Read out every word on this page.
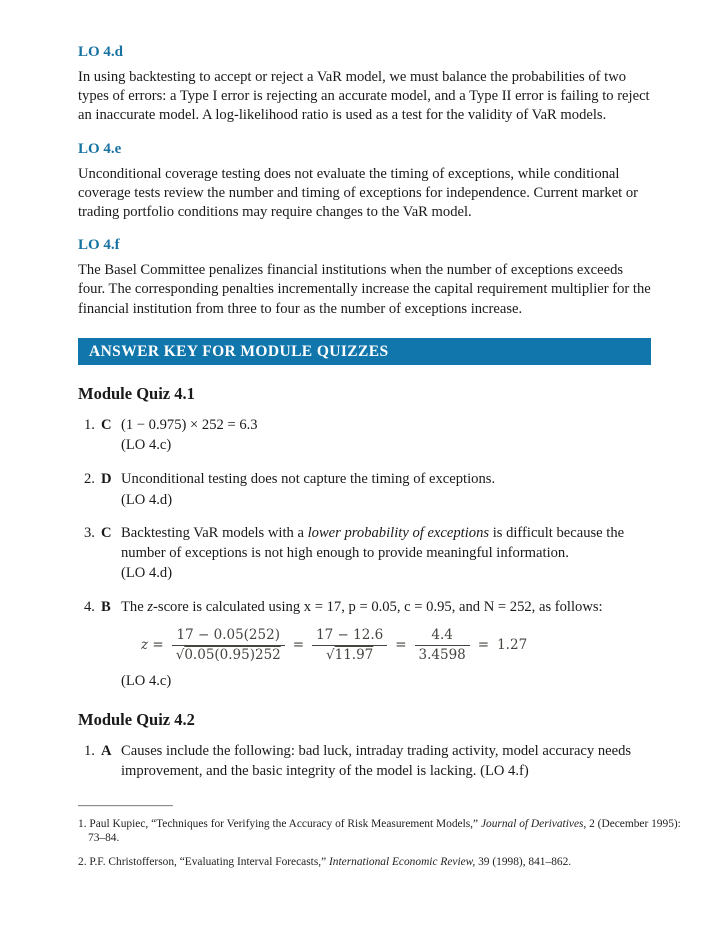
LO 4.d

In using backtesting to accept or reject a VaR model, we must balance the probabilities of two types of errors: a Type I error is rejecting an accurate model, and a Type II error is failing to reject an inaccurate model. A log-likelihood ratio is used as a test for the validity of VaR models.

LO 4.e

Unconditional coverage testing does not evaluate the timing of exceptions, while conditional coverage tests review the number and timing of exceptions for independence. Current market or trading portfolio conditions may require changes to the VaR model.

LO 4.f

The Basel Committee penalizes financial institutions when the number of exceptions exceeds four. The corresponding penalties incrementally increase the capital requirement multiplier for the financial institution from three to four as the number of exceptions increase.

ANSWER KEY FOR MODULE QUIZZES
Module Quiz 4.1
1. C (1 − 0.975) × 252 = 6.3
(LO 4.c)
2. D Unconditional testing does not capture the timing of exceptions.
(LO 4.d)
3. C Backtesting VaR models with a lower probability of exceptions is difficult because the number of exceptions is not high enough to provide meaningful information.
(LO 4.d)
4. B The z-score is calculated using x = 17, p = 0.05, c = 0.95, and N = 252, as follows:
$z = \frac{17 - 0.05(252)}{√0.05(0.95)252} = \frac{17 - 12.6}{√11.97} = \frac{4.4}{3.4598} = 1.27$
(LO 4.c)
Module Quiz 4.2
1. A Causes include the following: bad luck, intraday trading activity, model accuracy needs improvement, and the basic integrity of the model is lacking. (LO 4.f)
1. Paul Kupiec, “Techniques for Verifying the Accuracy of Risk Measurement Models,” Journal of Derivatives, 2 (December 1995): 73–84.
2. P.F. Christofferson, “Evaluating Interval Forecasts,” International Economic Review, 39 (1998), 841–862.
